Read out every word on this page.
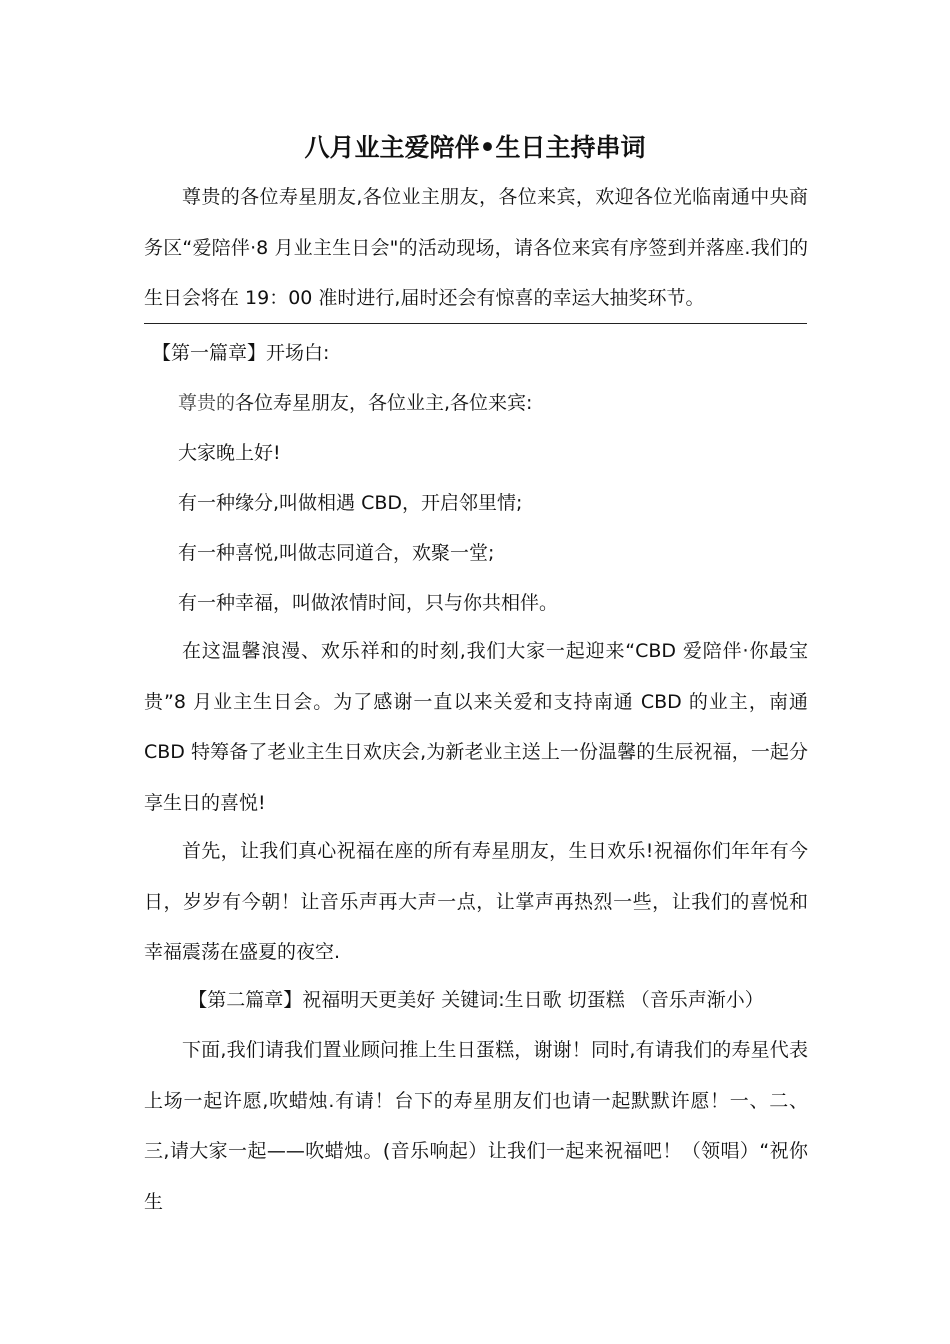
八月业主爱陪伴•生日主持串词

尊贵的各位寿星朋友,各位业主朋友，各位来宾，欢迎各位光临南通中央商务区“爱陪伴·8 月业主生日会"的活动现场，请各位来宾有序签到并落座.我们的生日会将在 19：00 准时进行,届时还会有惊喜的幸运大抽奖环节。

【第一篇章】开场白:

尊贵的各位寿星朋友，各位业主,各位来宾:

大家晚上好!

有一种缘分,叫做相遇 CBD，开启邻里情;

有一种喜悦,叫做志同道合，欢聚一堂;

有一种幸福，叫做浓情时间，只与你共相伴。

在这温馨浪漫、欢乐祥和的时刻,我们大家一起迎来“CBD 爱陪伴·你最宝贵”8 月业主生日会。为了感谢一直以来关爱和支持南通 CBD 的业主，南通 CBD 特筹备了老业主生日欢庆会,为新老业主送上一份温馨的生辰祝福，一起分享生日的喜悦!

首先，让我们真心祝福在座的所有寿星朋友，生日欢乐!祝福你们年年有今日，岁岁有今朝！让音乐声再大声一点，让掌声再热烈一些，让我们的喜悦和幸福震荡在盛夏的夜空.

【第二篇章】祝福明天更美好 关键词:生日歌 切蛋糕 （音乐声渐小）

下面,我们请我们置业顾问推上生日蛋糕，谢谢！同时,有请我们的寿星代表上场一起许愿,吹蜡烛.有请！台下的寿星朋友们也请一起默默许愿！一、二、三,请大家一起——吹蜡烛。(音乐响起）让我们一起来祝福吧！（领唱）“祝你生
